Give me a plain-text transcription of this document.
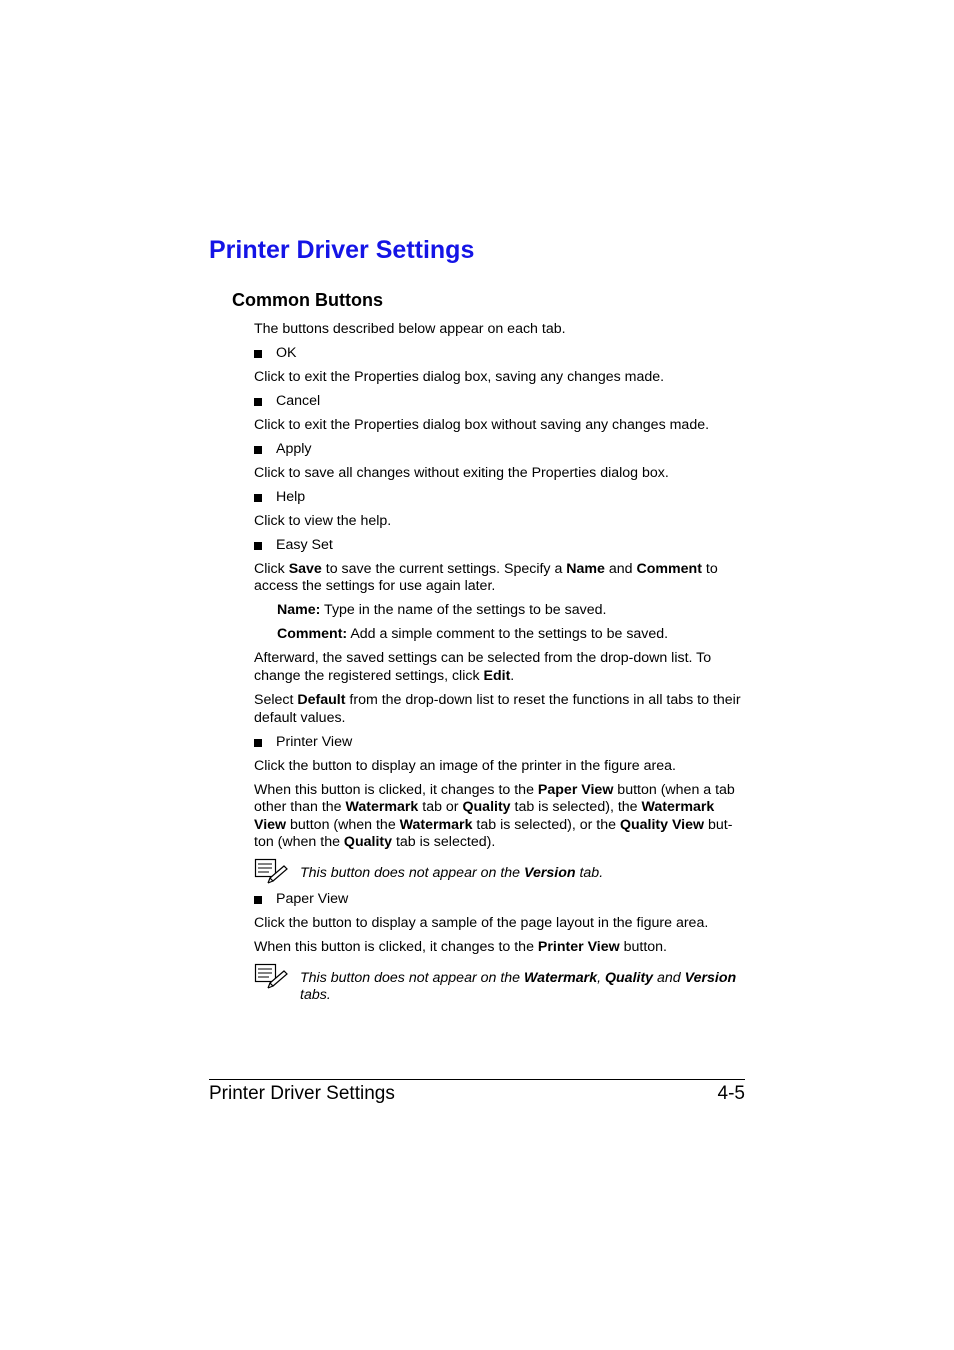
Printer Driver Settings
Common Buttons

The buttons described below appear on each tab.

OK

Click to exit the Properties dialog box, saving any changes made.

Cancel

Click to exit the Properties dialog box without saving any changes made.

Apply

Click to save all changes without exiting the Properties dialog box.

Help

Click to view the help.

Easy Set

Click Save to save the current settings. Specify a Name and Comment to access the settings for use again later.

Name: Type in the name of the settings to be saved.

Comment: Add a simple comment to the settings to be saved.

Afterward, the saved settings can be selected from the drop-down list. To change the registered settings, click Edit.

Select Default from the drop-down list to reset the functions in all tabs to their default values.

Printer View

Click the button to display an image of the printer in the figure area.

When this button is clicked, it changes to the Paper View button (when a tab other than the Watermark tab or Quality tab is selected), the Watermark View button (when the Watermark tab is selected), or the Quality View but-ton (when the Quality tab is selected).

This button does not appear on the Version tab.
Paper View

Click the button to display a sample of the page layout in the figure area.

When this button is clicked, it changes to the Printer View button.

This button does not appear on the Watermark, Quality and Version tabs.
Printer Driver Settings	4-5
